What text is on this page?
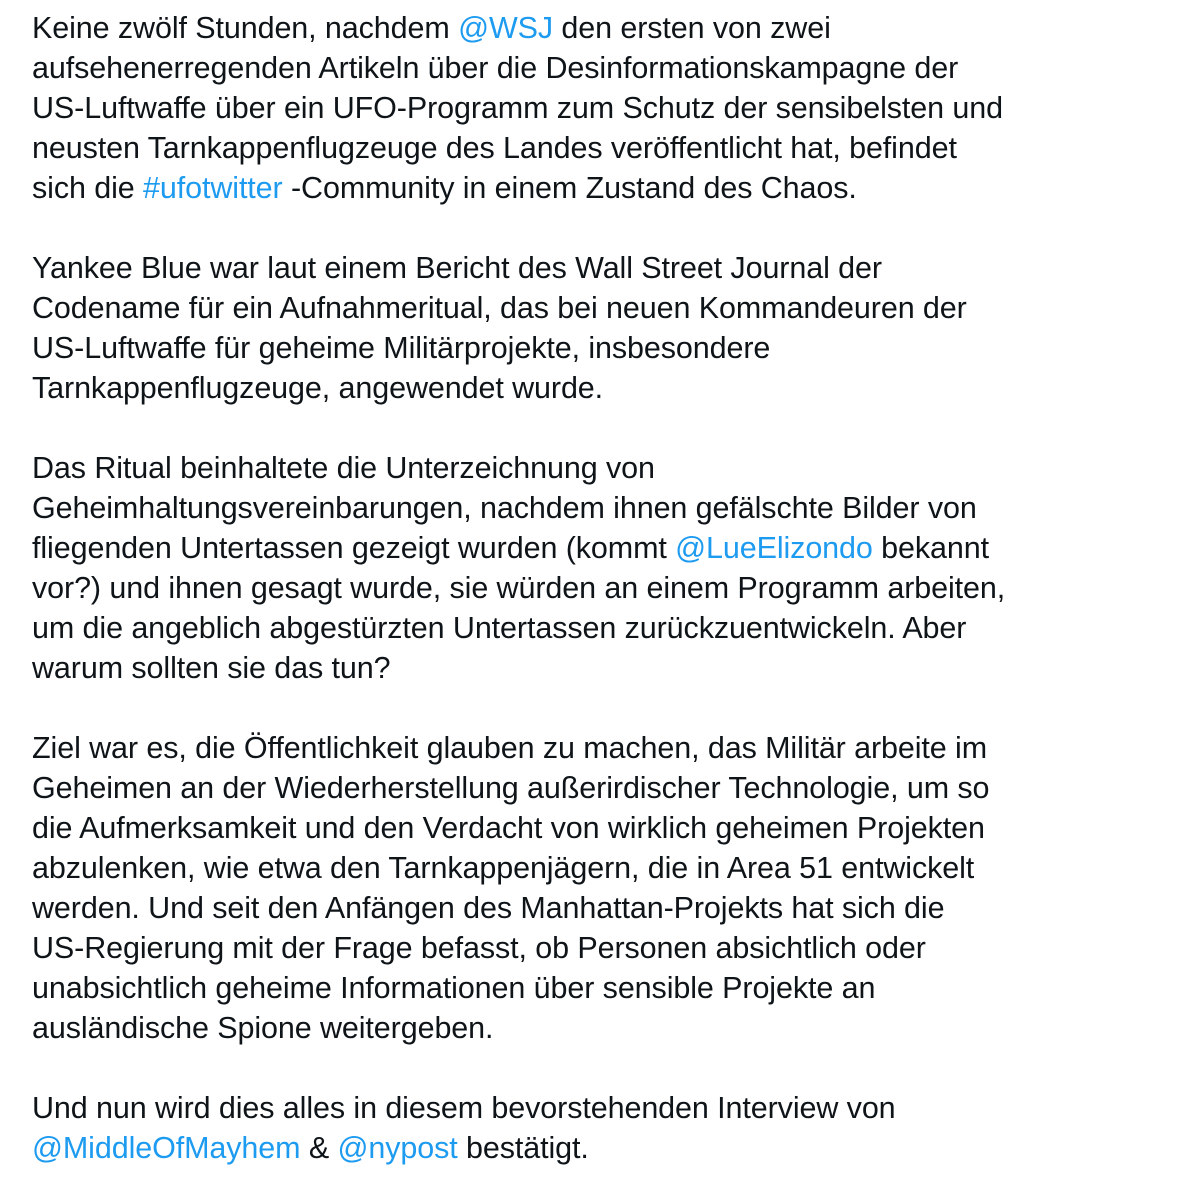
Keine zwölf Stunden, nachdem @WSJ den ersten von zwei
aufsehenerregenden Artikeln über die Desinformationskampagne der
US-Luftwaffe über ein UFO-Programm zum Schutz der sensibelsten und
neusten Tarnkappenflugzeuge des Landes veröffentlicht hat, befindet
sich die #ufotwitter -Community in einem Zustand des Chaos.
Yankee Blue war laut einem Bericht des Wall Street Journal der
Codename für ein Aufnahmeritual, das bei neuen Kommandeuren der
US-Luftwaffe für geheime Militärprojekte, insbesondere
Tarnkappenflugzeuge, angewendet wurde.
Das Ritual beinhaltete die Unterzeichnung von
Geheimhaltungsvereinbarungen, nachdem ihnen gefälschte Bilder von
fliegenden Untertassen gezeigt wurden (kommt @LueElizondo bekannt
vor?) und ihnen gesagt wurde, sie würden an einem Programm arbeiten,
um die angeblich abgestürzten Untertassen zurückzuentwickeln. Aber
warum sollten sie das tun?
Ziel war es, die Öffentlichkeit glauben zu machen, das Militär arbeite im
Geheimen an der Wiederherstellung außerirdischer Technologie, um so
die Aufmerksamkeit und den Verdacht von wirklich geheimen Projekten
abzulenken, wie etwa den Tarnkappenjägern, die in Area 51 entwickelt
werden. Und seit den Anfängen des Manhattan-Projekts hat sich die
US-Regierung mit der Frage befasst, ob Personen absichtlich oder
unabsichtlich geheime Informationen über sensible Projekte an
ausländische Spione weitergeben.
Und nun wird dies alles in diesem bevorstehenden Interview von
@MiddleOfMayhem & @nypost bestätigt.
